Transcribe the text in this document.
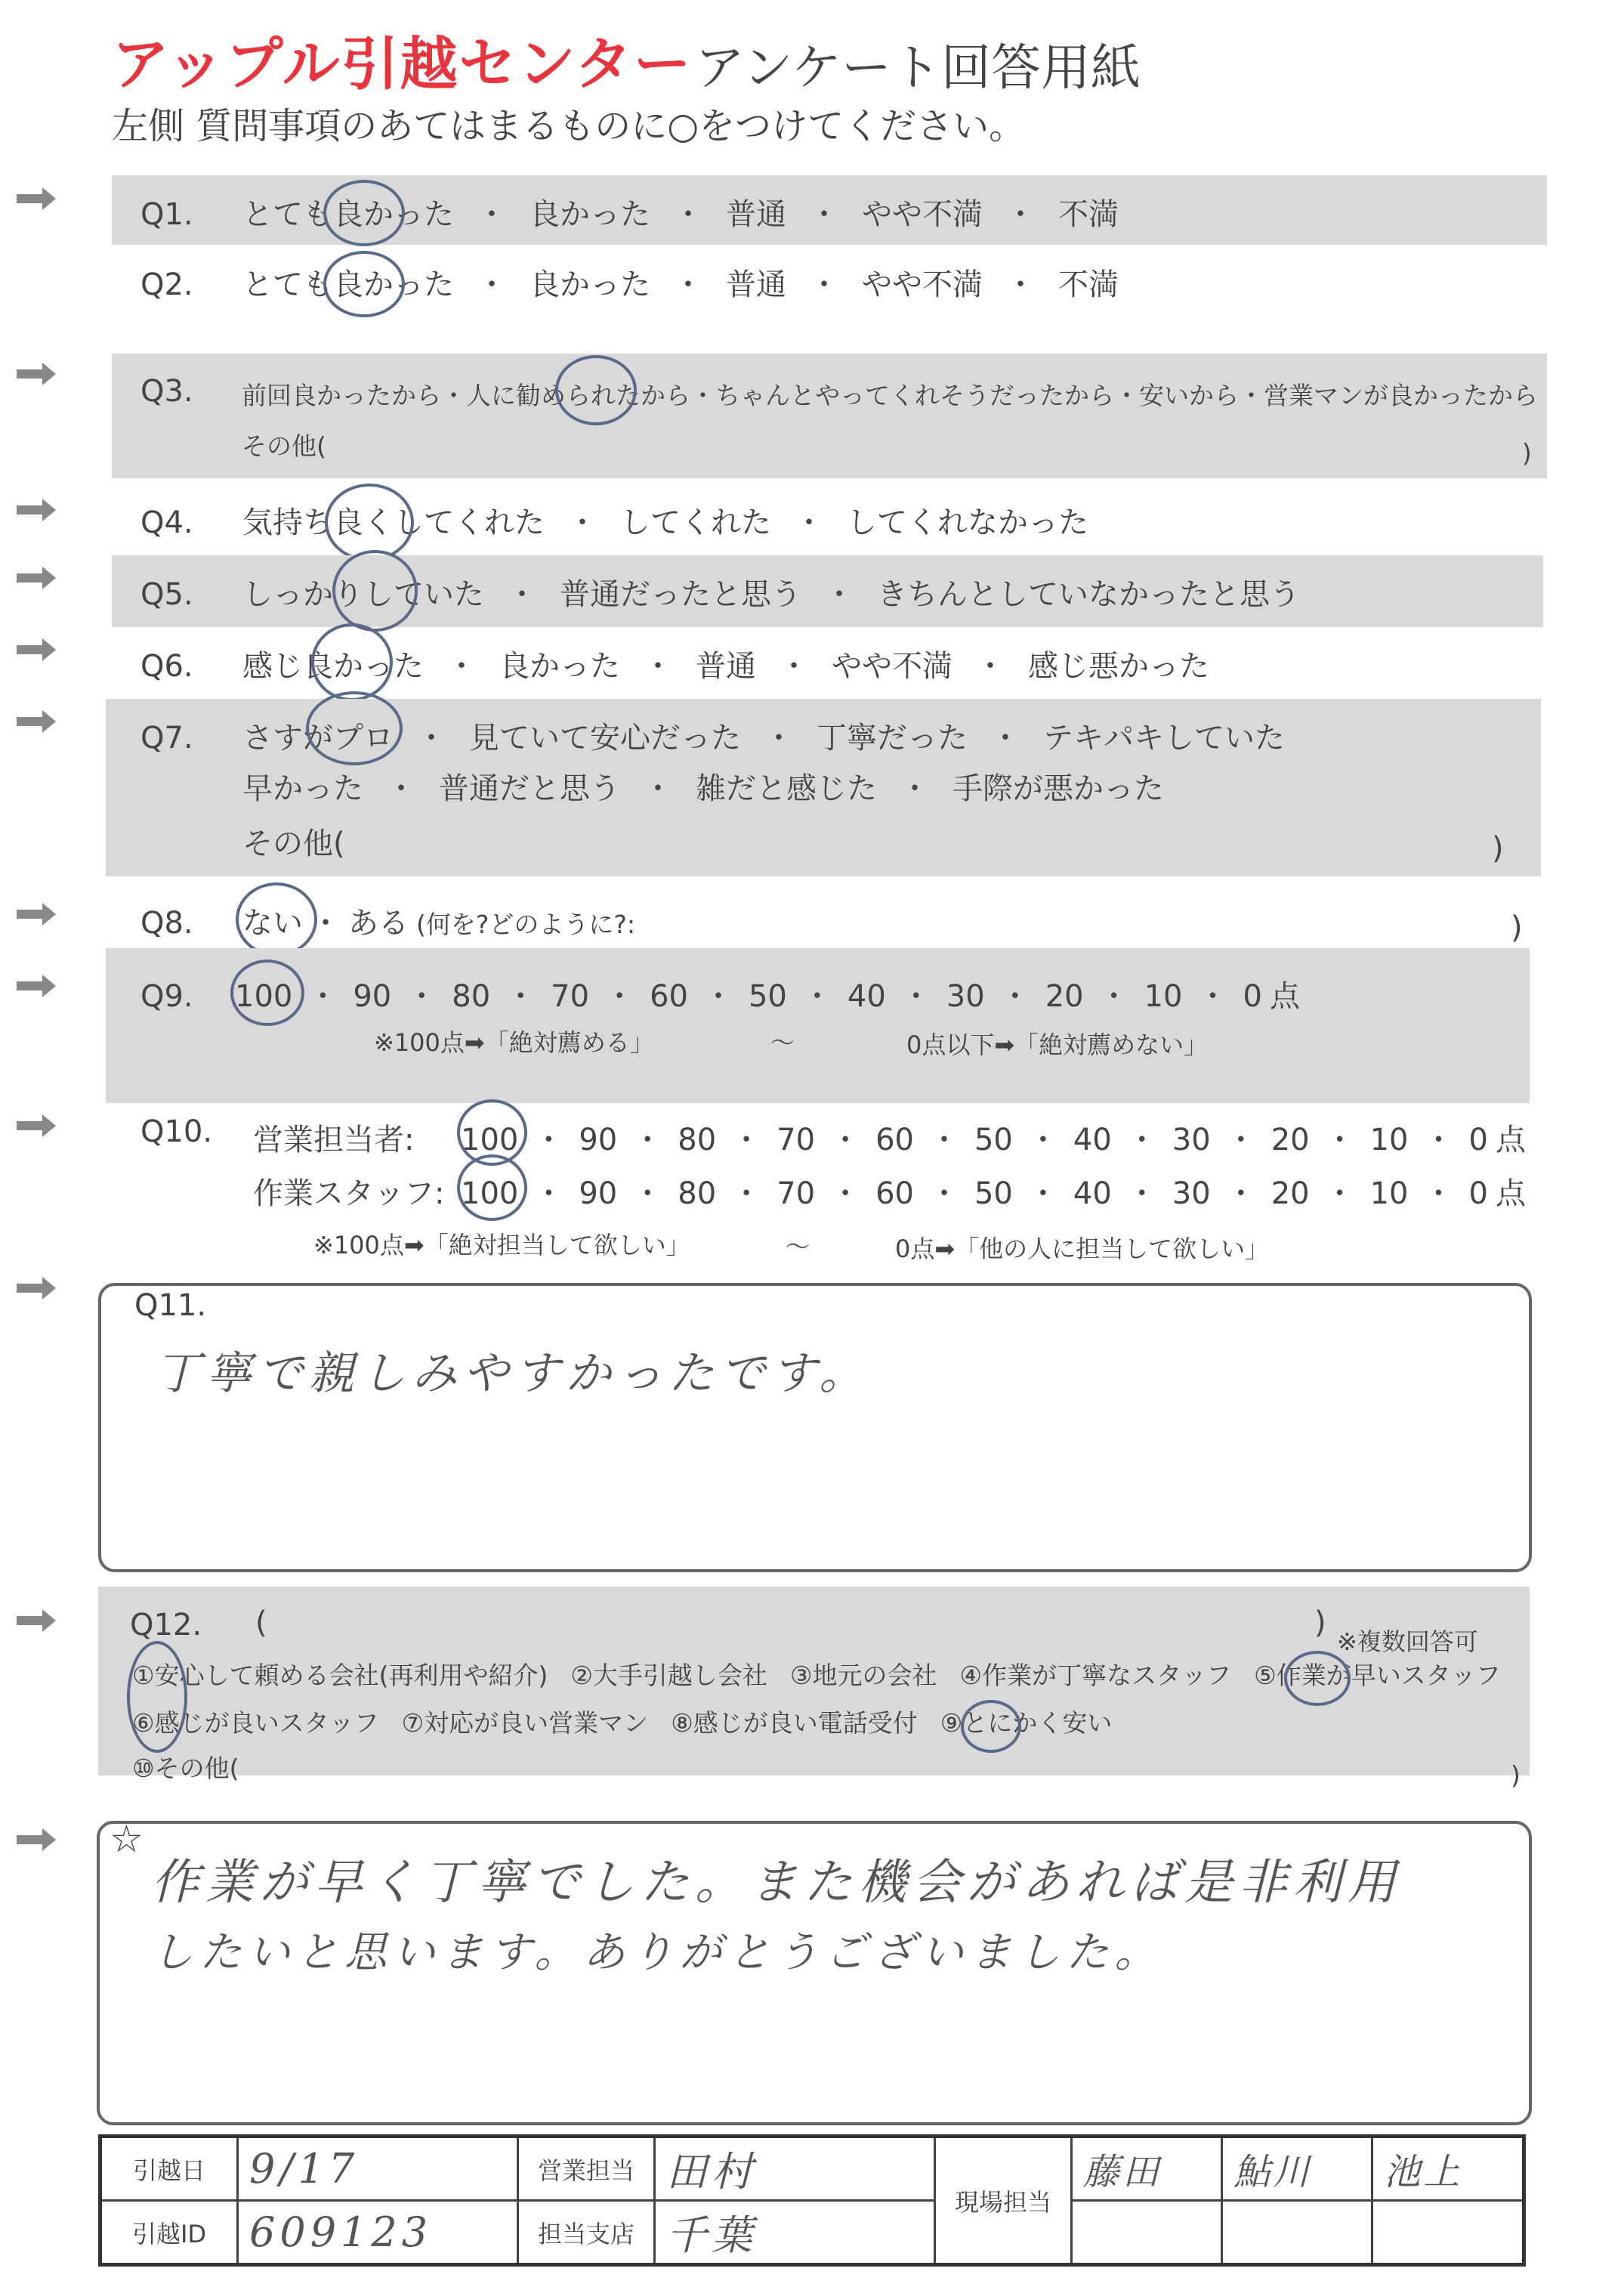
アップル引越センター アンケート回答用紙
左側 質問事項のあてはまるものに○をつけてください。
Q1.	とても良かった ・ 良かった ・ 普通 ・ やや不満 ・ 不満
Q2.	とても良かった ・ 良かった ・ 普通 ・ やや不満 ・ 不満
Q3. 前回良かったから・人に勧められたから・ちゃんとやってくれそうだったから・安いから・営業マンが良かったから
その他(	)
Q4.	気持ち良くしてくれた ・ してくれた ・ してくれなかった
Q5.	しっかりしていた ・ 普通だったと思う ・ きちんとしていなかったと思う
Q6.	感じ良かった ・ 良かった ・ 普通 ・ やや不満 ・ 感じ悪かった
Q7.	さすがプロ ・ 見ていて安心だった ・ 丁寧だった ・ テキパキしていた
早かった ・ 普通だと思う ・ 雑だと感じた ・ 手際が悪かった
その他(	)
Q8.	ない ・ ある (何を?どのように?:	)
Q9.	100 ・ 90 ・ 80 ・ 70 ・ 60 ・ 50 ・ 40 ・ 30 ・ 20 ・ 10 ・ 0 点
※100点➡「絶対薦める」	〜	0点以下➡「絶対薦めない」
Q10. 営業担当者:	100 ・ 90 ・ 80 ・ 70 ・ 60 ・ 50 ・ 40 ・ 30 ・ 20 ・ 10 ・ 0 点
作業スタッフ: 100 ・ 90 ・ 80 ・ 70 ・ 60 ・ 50 ・ 40 ・ 30 ・ 20 ・ 10 ・ 0 点
※100点➡「絶対担当して欲しい」	〜	0点➡「他の人に担当して欲しい」
Q11.
丁寧で親しみやすかったです。
Q12. (	)
※複数回答可
①安心して頼める会社(再利用や紹介) ②大手引越し会社 ③地元の会社 ④作業が丁寧なスタッフ ⑤作業が早いスタッフ
⑥感じが良いスタッフ ⑦対応が良い営業マン ⑧感じが良い電話受付 ⑨とにかく安い
⑩その他(	)
☆
作業が早く丁寧でした。また機会があれば是非利用
したいと思います。ありがとうございました。
引越日	9/17	営業担当	田村	現場担当	藤田	鮎川	池上
引越ID	609123	担当支店	千葉				
